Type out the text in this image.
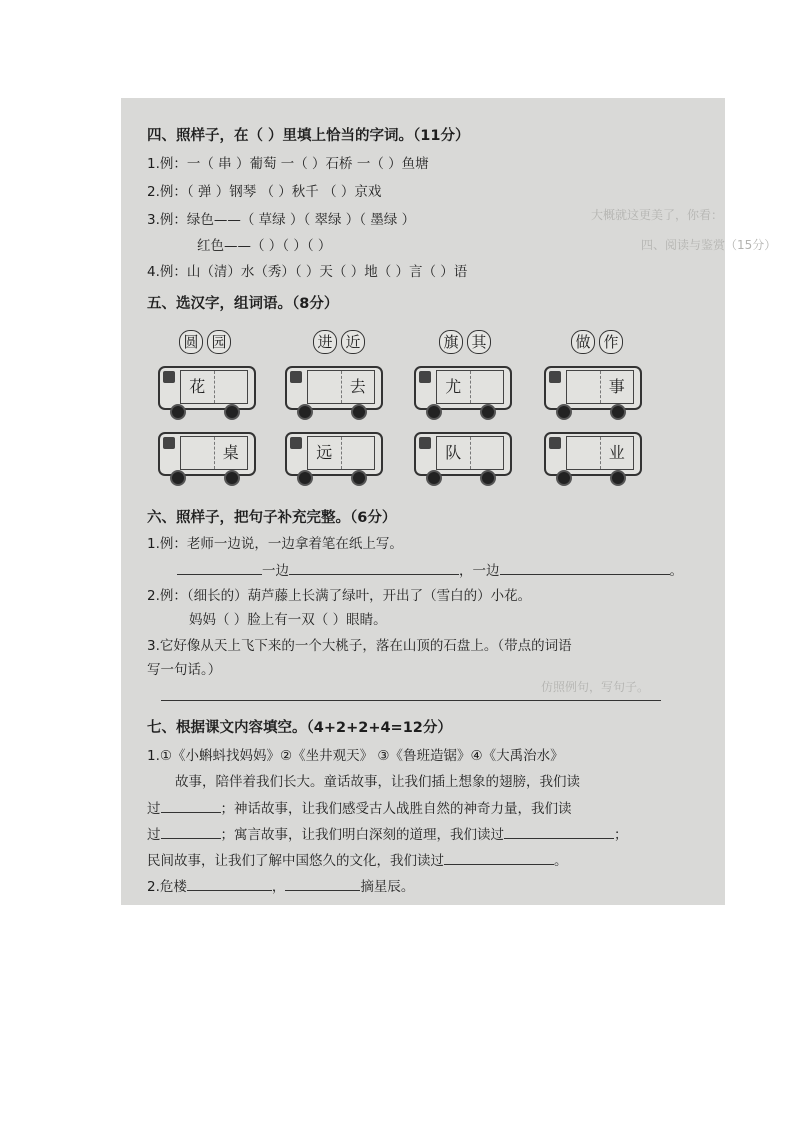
四、阅读与鉴赏（15分）
大概就这更美了，你看：
仿照例句，写句子。
四、照样子，在（ ）里填上恰当的字词。（11分）
1.例：一（ 串 ）葡萄 一（ ）石桥 一（ ）鱼塘
2.例：（ 弹 ）钢琴 （ ）秋千 （ ）京戏
3.例：绿色——（ 草绿 ）（ 翠绿 ）（ 墨绿 ）
红色——（ ）（ ）（ ）
4.例：山（清）水（秀）（ ）天（ ）地（ ）言（ ）语
五、选汉字，组词语。（8分）
圆 园	进 近	旗 其	做 作
花	去	尤	事
桌	远	队	业
六、照样子，把句子补充完整。（6分）
1.例：老师一边说，一边拿着笔在纸上写。
一边	，一边	。
2.例：（细长的）葫芦藤上长满了绿叶，开出了（雪白的）小花。
妈妈（ ）脸上有一双（ ）眼睛。
3.它好像从天上飞下来的一个大桃子，落在山顶的石盘上。（带点的词语
写一句话。）
七、根据课文内容填空。（4+2+2+4=12分）
1.①《小蝌蚪找妈妈》②《坐井观天》 ③《鲁班造锯》④《大禹治水》
故事，陪伴着我们长大。童话故事，让我们插上想象的翅膀，我们读
过	；神话故事，让我们感受古人战胜自然的神奇力量，我们读
过	；寓言故事，让我们明白深刻的道理，我们读过	；
民间故事，让我们了解中国悠久的文化，我们读过	。
2.危楼	，	摘星辰。
